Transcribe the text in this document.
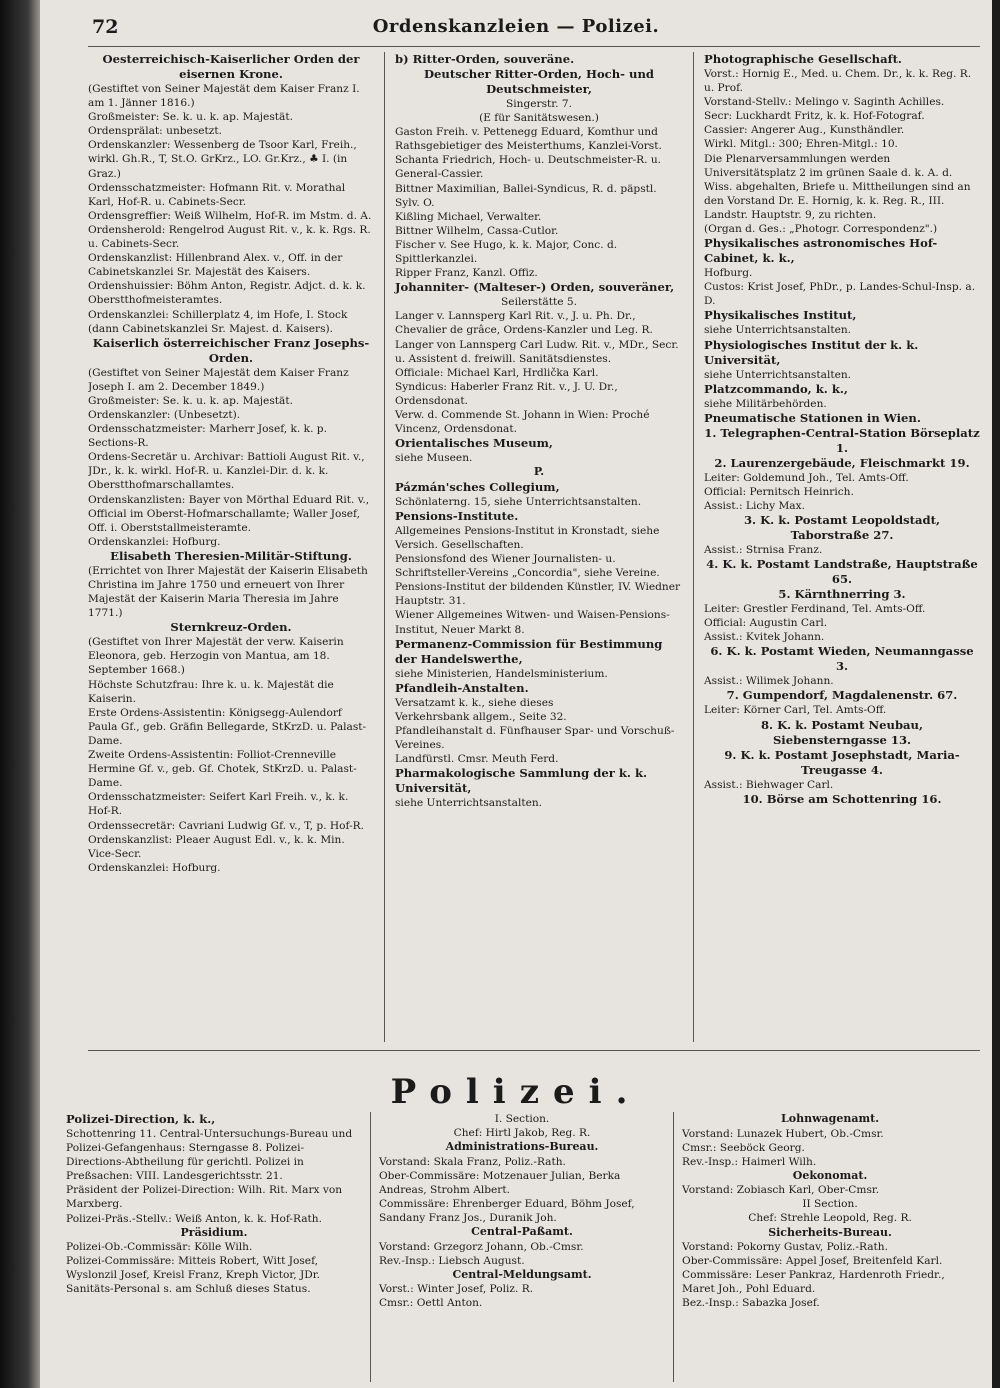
72	Ordenskanzleien — Polizei.
Oesterreichisch-Kaiserlicher Orden der eisernen Krone.
(Gestiftet von Seiner Majestät dem Kaiser Franz I. am 1. Jänner 1816.)
Großmeister: Se. k. u. k. ap. Majestät.
Ordensprälat: unbesetzt.
Ordenskanzler: Wessenberg de Tsoor Karl, Freih., wirkl. Gh.R., T, St.O. GrKrz., LO. Gr.Krz., ♣ I. (in Graz.)
Ordensschatzmeister: Hofmann Rit. v. Morathal Karl, Hof-R. u. Cabinets-Secr.
Ordensgreffier: Weiß Wilhelm, Hof-R. im Mstm. d. A.
Ordensherold: Rengelrod August Rit. v., k. k. Rgs. R. u. Cabinets-Secr.
Ordenskanzlist: Hillenbrand Alex. v., Off. in der Cabinetskanzlei Sr. Majestät des Kaisers.
Ordenshuissier: Böhm Anton, Registr. Adjct. d. k. k. Oberstthofmeisteramtes.
Ordenskanzlei: Schillerplatz 4, im Hofe, I. Stock (dann Cabinetskanzlei Sr. Majest. d. Kaisers).
Kaiserlich österreichischer Franz Josephs-Orden.
(Gestiftet von Seiner Majestät dem Kaiser Franz Joseph I. am 2. December 1849.)
Großmeister: Se. k. u. k. ap. Majestät.
Ordenskanzler: (Unbesetzt).
Ordensschatzmeister: Marherr Josef, k. k. p. Sections-R.
Ordens-Secretär u. Archivar: Battioli August Rit. v., JDr., k. k. wirkl. Hof-R. u. Kanzlei-Dir. d. k. k. Oberstthofmarschallamtes.
Ordenskanzlisten: Bayer von Mörthal Eduard Rit. v., Official im Oberst-Hofmarschallamte; Waller Josef, Off. i. Oberststallmeisteramte.
Ordenskanzlei: Hofburg.
Elisabeth Theresien-Militär-Stiftung.
(Errichtet von Ihrer Majestät der Kaiserin Elisabeth Christina im Jahre 1750 und erneuert von Ihrer Majestät der Kaiserin Maria Theresia im Jahre 1771.)
Sternkreuz-Orden.
(Gestiftet von Ihrer Majestät der verw. Kaiserin Eleonora, geb. Herzogin von Mantua, am 18. September 1668.)
Höchste Schutzfrau: Ihre k. u. k. Majestät die Kaiserin.
Erste Ordens-Assistentin: Königsegg-Aulendorf Paula Gf., geb. Gräfin Bellegarde, StKrzD. u. Palast-Dame.
Zweite Ordens-Assistentin: Folliot-Crenneville Hermine Gf. v., geb. Gf. Chotek, StKrzD. u. Palast-Dame.
Ordensschatzmeister: Seifert Karl Freih. v., k. k. Hof-R.
Ordenssecretär: Cavriani Ludwig Gf. v., T, p. Hof-R.
Ordenskanzlist: Pleaer August Edl. v., k. k. Min. Vice-Secr.
Ordenskanzlei: Hofburg.
b) Ritter-Orden, souveräne.
Deutscher Ritter-Orden, Hoch- und Deutschmeister,
Singerstr. 7.
(E für Sanitätswesen.)
Gaston Freih. v. Pettenegg Eduard, Komthur und Rathsgebietiger des Meisterthums, Kanzlei-Vorst.
Schanta Friedrich, Hoch- u. Deutschmeister-R. u. General-Cassier.
Bittner Maximilian, Ballei-Syndicus, R. d. päpstl. Sylv. O.
Kißling Michael, Verwalter.
Bittner Wilhelm, Cassa-Cutlor.
Fischer v. See Hugo, k. k. Major, Conc. d. Spittlerkanzlei.
Ripper Franz, Kanzl. Offiz.
Johanniter- (Malteser-) Orden, souveräner,
Seilerstätte 5.
Langer v. Lannsperg Karl Rit. v., J. u. Ph. Dr., Chevalier de grâce, Ordens-Kanzler und Leg. R.
Langer von Lannsperg Carl Ludw. Rit. v., MDr., Secr. u. Assistent d. freiwill. Sanitätsdienstes.
Officiale: Michael Karl, Hrdlička Karl.
Syndicus: Haberler Franz Rit. v., J. U. Dr., Ordensdonat.
Verw. d. Commende St. Johann in Wien: Proché Vincenz, Ordensdonat.
Orientalisches Museum,
siehe Museen.
P.
Pázmán'sches Collegium,
Schönlaterng. 15, siehe Unterrichtsanstalten.
Pensions-Institute.
Allgemeines Pensions-Institut in Kronstadt, siehe Versich. Gesellschaften.
Pensionsfond des Wiener Journalisten- u. Schriftsteller-Vereins „Concordia", siehe Vereine.
Pensions-Institut der bildenden Künstler, IV. Wiedner Hauptstr. 31.
Wiener Allgemeines Witwen- und Waisen-Pensions-Institut, Neuer Markt 8.
Permanenz-Commission für Bestimmung der Handelswerthe,
siehe Ministerien, Handelsministerium.
Pfandleih-Anstalten.
Versatzamt k. k., siehe dieses
Verkehrsbank allgem., Seite 32.
Pfandleihanstalt d. Fünfhauser Spar- und Vorschuß-Vereines.
Landfürstl. Cmsr. Meuth Ferd.
Pharmakologische Sammlung der k. k. Universität,
siehe Unterrichtsanstalten.
Photographische Gesellschaft.
Vorst.: Hornig E., Med. u. Chem. Dr., k. k. Reg. R. u. Prof.
Vorstand-Stellv.: Melingo v. Saginth Achilles.
Secr: Luckhardt Fritz, k. k. Hof-Fotograf.
Cassier: Angerer Aug., Kunsthändler.
Wirkl. Mitgl.: 300; Ehren-Mitgl.: 10.
Die Plenarversammlungen werden Universitätsplatz 2 im grünen Saale d. k. A. d. Wiss. abgehalten, Briefe u. Mittheilungen sind an den Vorstand Dr. E. Hornig, k. k. Reg. R., III. Landstr. Hauptstr. 9, zu richten.
(Organ d. Ges.: „Photogr. Correspondenz".)
Physikalisches astronomisches Hof-Cabinet, k. k.,
Hofburg.
Custos: Krist Josef, PhDr., p. Landes-Schul-Insp. a. D.
Physikalisches Institut,
siehe Unterrichtsanstalten.
Physiologisches Institut der k. k. Universität,
siehe Unterrichtsanstalten.
Platzcommando, k. k.,
siehe Militärbehörden.
Pneumatische Stationen in Wien.
1. Telegraphen-Central-Station Börseplatz 1.
2. Laurenzergebäude, Fleischmarkt 19.
Leiter: Goldemund Joh., Tel. Amts-Off.
Official: Pernitsch Heinrich.
Assist.: Lichy Max.
3. K. k. Postamt Leopoldstadt, Taborstraße 27.
Assist.: Strnisa Franz.
4. K. k. Postamt Landstraße, Hauptstraße 65.
5. Kärnthnerring 3.
Leiter: Grestler Ferdinand, Tel. Amts-Off.
Official: Augustin Carl.
Assist.: Kvitek Johann.
6. K. k. Postamt Wieden, Neumanngasse 3.
Assist.: Wilimek Johann.
7. Gumpendorf, Magdalenenstr. 67.
Leiter: Körner Carl, Tel. Amts-Off.
8. K. k. Postamt Neubau, Siebensterngasse 13.
9. K. k. Postamt Josephstadt, Maria-Treugasse 4.
Assist.: Biehwager Carl.
10. Börse am Schottenring 16.
Polizei.
Polizei-Direction, k. k.,
Schottenring 11. Central-Untersuchungs-Bureau und Polizei-Gefangenhaus: Sterngasse 8. Polizei-Directions-Abtheilung für gerichtl. Polizei in Preßsachen: VIII. Landesgerichtsstr. 21.
Präsident der Polizei-Direction: Wilh. Rit. Marx von Marxberg.
Polizei-Präs.-Stellv.: Weiß Anton, k. k. Hof-Rath.
Präsidium.
Polizei-Ob.-Commissär: Kölle Wilh.
Polizei-Commissäre: Mitteis Robert, Witt Josef, Wyslonzil Josef, Kreisl Franz, Kreph Victor, JDr.
Sanitäts-Personal s. am Schluß dieses Status.
I. Section.
Chef: Hirtl Jakob, Reg. R.
Administrations-Bureau.
Vorstand: Skala Franz, Poliz.-Rath.
Ober-Commissäre: Motzenauer Julian, Berka Andreas, Strohm Albert.
Commissäre: Ehrenberger Eduard, Böhm Josef, Sandany Franz Jos., Duranik Joh.
Central-Paßamt.
Vorstand: Grzegorz Johann, Ob.-Cmsr.
Rev.-Insp.: Liebsch August.
Central-Meldungsamt.
Vorst.: Winter Josef, Poliz. R.
Cmsr.: Oettl Anton.
Lohnwagenamt.
Vorstand: Lunazek Hubert, Ob.-Cmsr.
Cmsr.: Seeböck Georg.
Rev.-Insp.: Haimerl Wilh.
Oekonomat.
Vorstand: Zobiasch Karl, Ober-Cmsr.
II Section.
Chef: Strehle Leopold, Reg. R.
Sicherheits-Bureau.
Vorstand: Pokorny Gustav, Poliz.-Rath.
Ober-Commissäre: Appel Josef, Breitenfeld Karl.
Commissäre: Leser Pankraz, Hardenroth Friedr., Maret Joh., Pohl Eduard.
Bez.-Insp.: Sabazka Josef.
